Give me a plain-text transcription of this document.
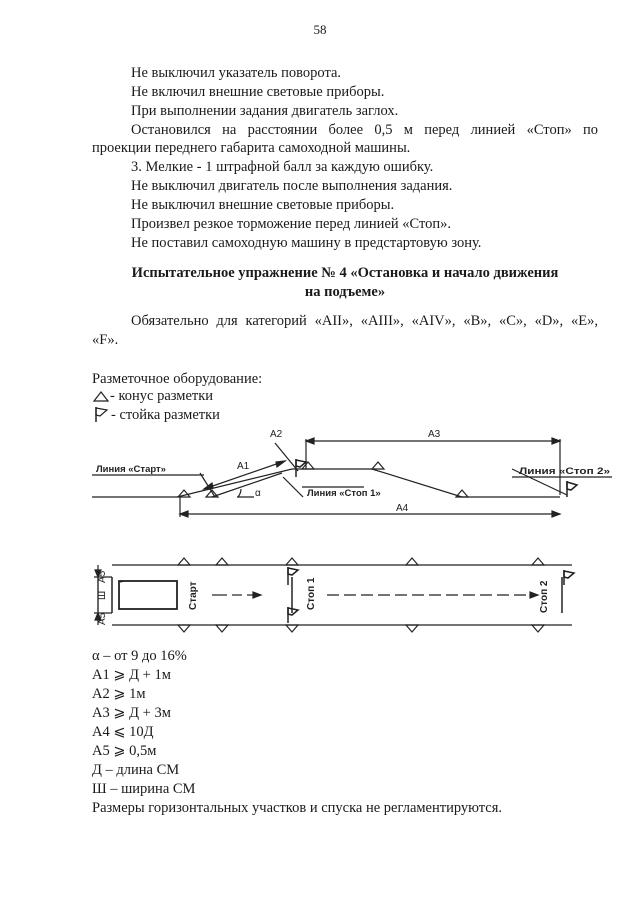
58
Не выключил указатель поворота.
Не включил внешние световые приборы.
При выполнении задания двигатель заглох.
Остановился на расстоянии более 0,5 м перед линией «Стоп» по
проекции переднего габарита самоходной машины.
3. Мелкие - 1 штрафной балл за каждую ошибку.
Не выключил двигатель после выполнения задания.
Не выключил внешние световые приборы.
Произвел резкое торможение перед линией «Стоп».
Не поставил самоходную машину в предстартовую зону.
Испытательное упражнение № 4 «Остановка и начало движения
на подъеме»
Обязательно для категорий «AII», «AIII», «AIV», «B», «C», «D», «E»,
«F».
Разметочное оборудование:
- конус разметки
- стойка разметки
А2
А1
А3
А4
α
Линия «Старт»
Линия «Стоп 1»
Линия «Стоп 2»
А5
Ш
А5
Старт	Стоп 1	Стоп 2
α – от 9 до 16%
А1 ⩾ Д + 1м
А2 ⩾ 1м
А3 ⩾ Д + 3м
А4 ⩽ 10Д
А5 ⩾ 0,5м
Д – длина СМ
Ш – ширина СМ
Размеры горизонтальных участков и спуска не регламентируются.
